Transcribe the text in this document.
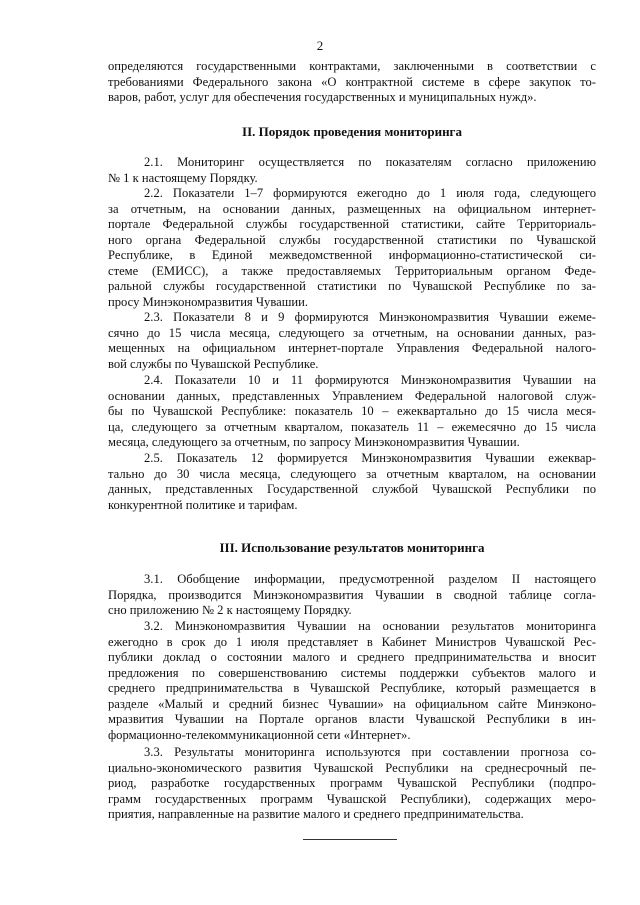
2
определяются государственными контрактами, заключенными в соответствии с
требованиями Федерального закона «О контрактной системе в сфере закупок то-
варов, работ, услуг для обеспечения государственных и муниципальных нужд».
II. Порядок проведения мониторинга
2.1. Мониторинг осуществляется по показателям согласно приложению
№ 1 к настоящему Порядку.
2.2. Показатели 1–7 формируются ежегодно до 1 июля года, следующего
за отчетным, на основании данных, размещенных на официальном интернет-
портале Федеральной службы государственной статистики, сайте Территориаль-
ного органа Федеральной службы государственной статистики по Чувашской
Республике, в Единой межведомственной информационно-статистической си-
стеме (ЕМИСС), а также предоставляемых Территориальным органом Феде-
ральной службы государственной статистики по Чувашской Республике по за-
просу Минэкономразвития Чувашии.
2.3. Показатели 8 и 9 формируются Минэкономразвития Чувашии ежеме-
сячно до 15 числа месяца, следующего за отчетным, на основании данных, раз-
мещенных на официальном интернет-портале Управления Федеральной налого-
вой службы по Чувашской Республике.
2.4. Показатели 10 и 11 формируются Минэкономразвития Чувашии на
основании данных, представленных Управлением Федеральной налоговой служ-
бы по Чувашской Республике: показатель 10 – ежеквартально до 15 числа меся-
ца, следующего за отчетным кварталом, показатель 11 – ежемесячно до 15 числа
месяца, следующего за отчетным, по запросу Минэкономразвития Чувашии.
2.5. Показатель 12 формируется Минэкономразвития Чувашии ежеквар-
тально до 30 числа месяца, следующего за отчетным кварталом, на основании
данных, представленных Государственной службой Чувашской Республики по
конкурентной политике и тарифам.
III. Использование результатов мониторинга
3.1. Обобщение информации, предусмотренной разделом II настоящего
Порядка, производится Минэкономразвития Чувашии в сводной таблице согла-
сно приложению № 2 к настоящему Порядку.
3.2. Минэкономразвития Чувашии на основании результатов мониторинга
ежегодно в срок до 1 июля представляет в Кабинет Министров Чувашской Рес-
публики доклад о состоянии малого и среднего предпринимательства и вносит
предложения по совершенствованию системы поддержки субъектов малого и
среднего предпринимательства в Чувашской Республике, который размещается в
разделе «Малый и средний бизнес Чувашии» на официальном сайте Минэконо-
мразвития Чувашии на Портале органов власти Чувашской Республики в ин-
формационно-телекоммуникационной сети «Интернет».
3.3. Результаты мониторинга используются при составлении прогноза со-
циально-экономического развития Чувашской Республики на среднесрочный пе-
риод, разработке государственных программ Чувашской Республики (подпро-
грамм государственных программ Чувашской Республики), содержащих меро-
приятия, направленные на развитие малого и среднего предпринимательства.
